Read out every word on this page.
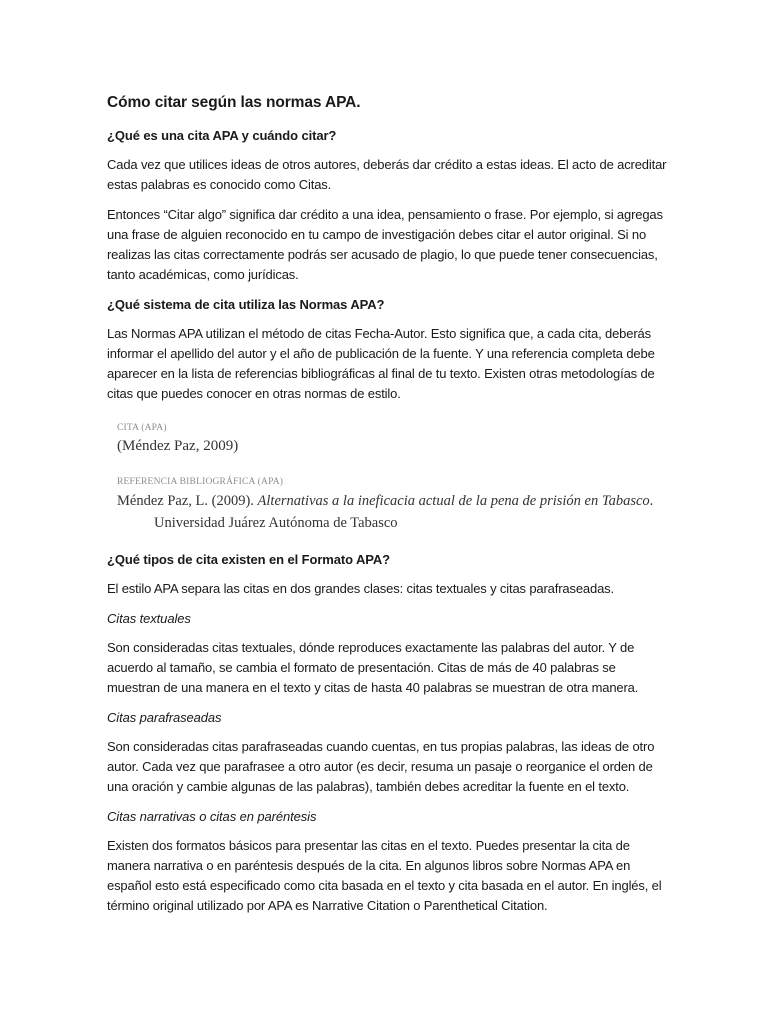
Cómo citar según las normas APA.
¿Qué es una cita APA y cuándo citar?
Cada vez que utilices ideas de otros autores, deberás dar crédito a estas ideas. El acto de acreditar estas palabras es conocido como Citas.
Entonces “Citar algo” significa dar crédito a una idea, pensamiento o frase. Por ejemplo, si agregas una frase de alguien reconocido en tu campo de investigación debes citar el autor original. Si no realizas las citas correctamente podrás ser acusado de plagio, lo que puede tener consecuencias, tanto académicas, como jurídicas.
¿Qué sistema de cita utiliza las Normas APA?
Las Normas APA utilizan el método de citas Fecha-Autor. Esto significa que, a cada cita, deberás informar el apellido del autor y el año de publicación de la fuente. Y una referencia completa debe aparecer en la lista de referencias bibliográficas al final de tu texto. Existen otras metodologías de citas que puedes conocer en otras normas de estilo.
CITA (APA)
(Méndez Paz, 2009)
REFERENCIA BIBLIOGRÁFICA (APA)
Méndez Paz, L. (2009). Alternativas a la ineficacia actual de la pena de prisión en Tabasco. Universidad Juárez Autónoma de Tabasco
¿Qué tipos de cita existen en el Formato APA?
El estilo APA separa las citas en dos grandes clases: citas textuales y citas parafraseadas.
Citas textuales
Son consideradas citas textuales, dónde reproduces exactamente las palabras del autor. Y de acuerdo al tamaño, se cambia el formato de presentación. Citas de más de 40 palabras se muestran de una manera en el texto y citas de hasta 40 palabras se muestran de otra manera.
Citas parafraseadas
Son consideradas citas parafraseadas cuando cuentas, en tus propias palabras, las ideas de otro autor. Cada vez que parafrasee a otro autor (es decir, resuma un pasaje o reorganice el orden de una oración y cambie algunas de las palabras), también debes acreditar la fuente en el texto.
Citas narrativas o citas en paréntesis
Existen dos formatos básicos para presentar las citas en el texto. Puedes presentar la cita de manera narrativa o en paréntesis después de la cita. En algunos libros sobre Normas APA en español esto está especificado como cita basada en el texto y cita basada en el autor. En inglés, el término original utilizado por APA es Narrative Citation o Parenthetical Citation.
